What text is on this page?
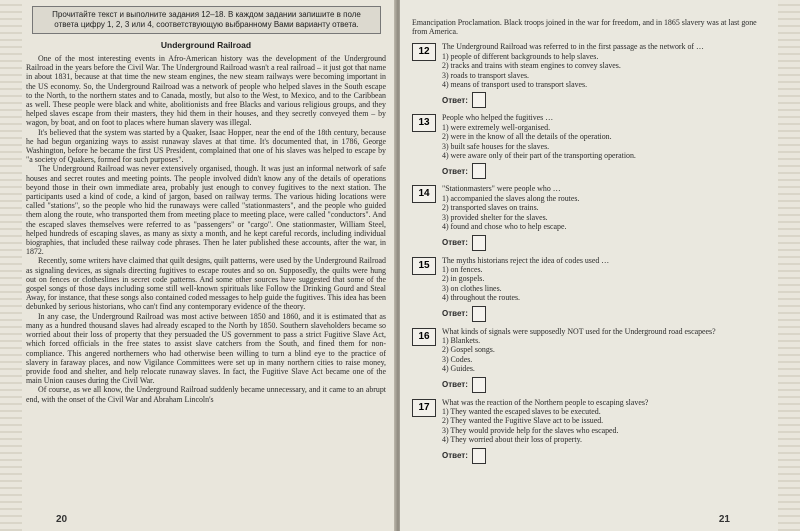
Прочитайте текст и выполните задания 12–18. В каждом задании запишите в поле ответа цифру 1, 2, 3 или 4, соответствующую выбранному Вами варианту ответа.
Underground Railroad

One of the most interesting events in Afro-American history was the development of the Underground Railroad in the years before the Civil War. The Underground Railroad wasn't a real railroad – it just got that name in about 1831, because at that time the new steam engines, the new steam railways were becoming important in the US economy. So, the Underground Railroad was a network of people who helped slaves in the South escape to the North, to the northern states and to Canada, mostly, but also to the West, to Mexico, and to the Caribbean as well. These people were black and white, abolitionists and free Blacks and various religious groups, and they helped slaves escape from their masters, they hid them in their houses, and they secretly conveyed them – by wagon, by boat, and on foot to places where human slavery was illegal.

It's believed that the system was started by a Quaker, Isaac Hopper, near the end of the 18th century, because he had begun organizing ways to assist runaway slaves at that time. It's documented that, in 1786, George Washington, before he became the first US President, complained that one of his slaves was helped to escape by "a society of Quakers, formed for such purposes".

The Underground Railroad was never extensively organised, though. It was just an informal network of safe houses and secret routes and meeting points. The people involved didn't know any of the details of operations beyond those in their own immediate area, probably just enough to convey fugitives to the next station. The participants used a kind of code, a kind of jargon, based on railway terms. The various hiding locations were called "stations", so the people who hid the runaways were called "stationmasters", and the people who guided them along the route, who transported them from meeting place to meeting place, were called "conductors". And the escaped slaves themselves were referred to as "passengers" or "cargo". One stationmaster, William Steel, helped hundreds of escaping slaves, as many as sixty a month, and he kept careful records, including individual biographies, that included these railway code phrases. Then he later published these accounts, after the war, in 1872.

Recently, some writers have claimed that quilt designs, quilt patterns, were used by the Underground Railroad as signaling devices, as signals directing fugitives to escape routes and so on. Supposedly, the quilts were hung out on fences or clotheslines in secret code patterns. And some other sources have suggested that some of the gospel songs of those days including some still well-known spirituals like Follow the Drinking Gourd and Steal Away, for instance, that these songs also contained coded messages to help guide the fugitives. This idea has been debunked by serious historians, who can't find any contemporary evidence of the theory.

In any case, the Underground Railroad was most active between 1850 and 1860, and it is estimated that as many as a hundred thousand slaves had already escaped to the North by 1850. Southern slaveholders became so worried about their loss of property that they persuaded the US government to pass a strict Fugitive Slave Act, which forced officials in the free states to assist slave catchers from the South, and fined them for non-compliance. This angered northerners who had otherwise been willing to turn a blind eye to the practice of slavery in faraway places, and now Vigilance Committees were set up in many northern cities to raise money, provide food and shelter, and help relocate runaway slaves. In fact, the Fugitive Slave Act became one of the main Union causes during the Civil War.

Of course, as we all know, the Underground Railroad suddenly became unnecessary, and it came to an abrupt end, with the onset of the Civil War and Abraham Lincoln's

20

Emancipation Proclamation. Black troops joined in the war for freedom, and in 1865 slavery was at last gone from America.

12	The Underground Railroad was referred to in the first passage as the network of …

1) people of different backgrounds to help slaves.

2) tracks and trains with steam engines to convey slaves.

3) roads to transport slaves.

4) means of transport used to transport slaves.

Ответ:
13	People who helped the fugitives …

1) were extremely well-organised.

2) were in the know of all the details of the operation.

3) built safe houses for the slaves.

4) were aware only of their part of the transporting operation.

Ответ:
14	"Stationmasters" were people who …

1) accompanied the slaves along the routes.

2) transported slaves on trains.

3) provided shelter for the slaves.

4) found and chose who to help escape.

Ответ:
15	The myths historians reject the idea of codes used …

1) on fences.

2) in gospels.

3) on clothes lines.

4) throughout the routes.

Ответ:
16	What kinds of signals were supposedly NOT used for the Underground road escapees?

1) Blankets.

2) Gospel songs.

3) Codes.

4) Guides.

Ответ:
17	What was the reaction of the Northern people to escaping slaves?

1) They wanted the escaped slaves to be executed.

2) They wanted the Fugitive Slave act to be issued.

3) They would provide help for the slaves who escaped.

4) They worried about their loss of property.

Ответ:
21
